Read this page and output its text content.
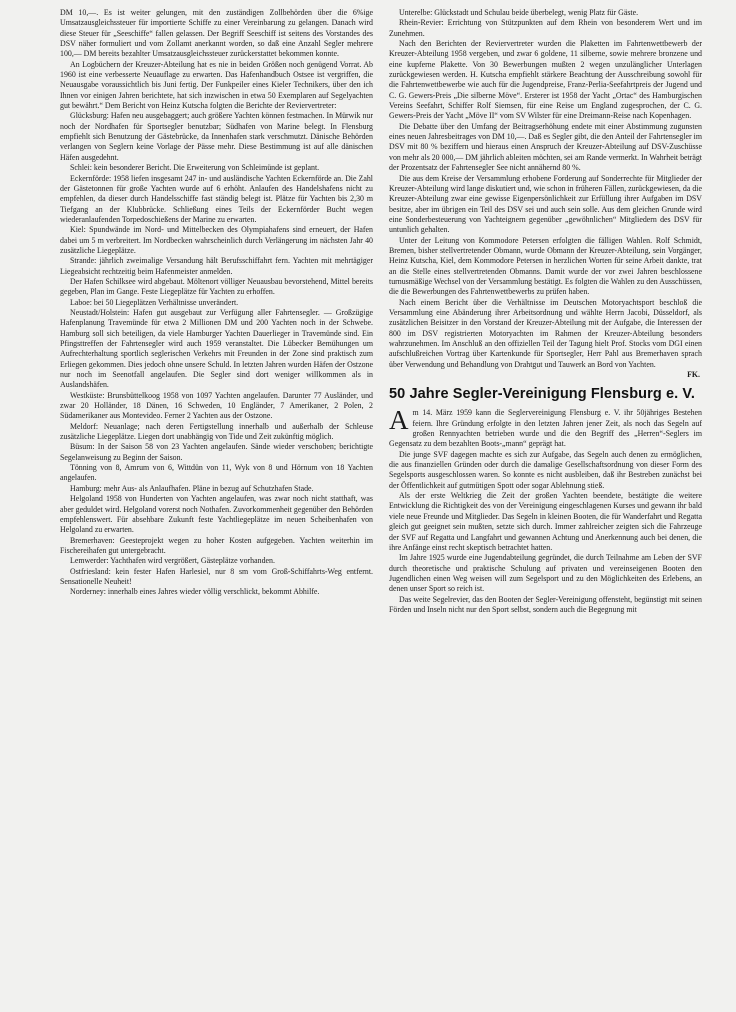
DM 10,—. Es ist weiter gelungen, mit den zuständigen Zollbehörden über die 6%ige Umsatzausgleichssteuer für importierte Schiffe zu einer Vereinbarung zu gelangen. Danach wird diese Steuer für „Seeschiffe“ fallen gelassen. Der Begriff Seeschiff ist seitens des Vorstandes des DSV näher formuliert und vom Zollamt anerkannt worden, so daß eine Anzahl Segler mehrere 100,— DM bereits bezahlter Umsatzausgleichssteuer zurückerstattet bekommen konnte.

An Logbüchern der Kreuzer-Abteilung hat es nie in beiden Größen noch genügend Vorrat. Ab 1960 ist eine verbesserte Neuauflage zu erwarten. Das Hafenhandbuch Ostsee ist vergriffen, die Neuausgabe voraussichtlich bis Juni fertig. Der Funkpeiler eines Kieler Technikers, über den ich Ihnen vor einigen Jahren berichtete, hat sich inzwischen in etwa 50 Exemplaren auf Segelyachten gut bewährt.“ Dem Bericht von Heinz Kutscha folgten die Berichte der Reviervertreter:

Glücksburg: Hafen neu ausgebaggert; auch größere Yachten können festmachen. In Mürwik nur noch der Nordhafen für Sportsegler benutzbar; Südhafen von Marine belegt. In Flensburg empfiehlt sich Benutzung der Gästebrücke, da Innenhafen stark verschmutzt. Dänische Behörden verlangen von Seglern keine Vorlage der Pässe mehr. Diese Bestimmung ist auf alle dänischen Häfen ausgedehnt.

Schlei: kein besonderer Bericht. Die Erweiterung von Schleimünde ist geplant.

Eckernförde: 1958 liefen insgesamt 247 in- und ausländische Yachten Eckernförde an. Die Zahl der Gästetonnen für große Yachten wurde auf 6 erhöht. Anlaufen des Handelshafens nicht zu empfehlen, da dieser durch Handelsschiffe fast ständig belegt ist. Plätze für Yachten bis 2,30 m Tiefgang an der Klubbrücke. Schließung eines Teils der Eckernförder Bucht wegen wiederanlaufenden Torpedoschießens der Marine zu erwarten.

Kiel: Spundwände im Nord- und Mittelbecken des Olympiahafens sind erneuert, der Hafen dabei um 5 m verbreitert. Im Nordbecken wahrscheinlich durch Verlängerung im nächsten Jahr 40 zusätzliche Liegeplätze.

Strande: jährlich zweimalige Versandung hält Berufsschiffahrt fern. Yachten mit mehrtägiger Liegeabsicht rechtzeitig beim Hafenmeister anmelden.

Der Hafen Schilksee wird abgebaut. Möltenort völliger Neuausbau bevorstehend, Mittel bereits gegeben, Plan im Gange. Feste Liegeplätze für Yachten zu erhoffen.

Laboe: bei 50 Liegeplätzen Verhältnisse unverändert.

Neustadt/Holstein: Hafen gut ausgebaut zur Verfügung aller Fahrtensegler. — Großzügige Hafenplanung Travemünde für etwa 2 Millionen DM und 200 Yachten noch in der Schwebe. Hamburg soll sich beteiligen, da viele Hamburger Yachten Dauerlieger in Travemünde sind. Ein Pfingsttreffen der Fahrtensegler wird auch 1959 veranstaltet. Die Lübecker Bemühungen um Aufrechterhaltung sportlich seglerischen Verkehrs mit Freunden in der Zone sind praktisch zum Erliegen gekommen. Dies jedoch ohne unsere Schuld. In letzten Jahren wurden Häfen der Ostzone nur noch im Seenotfall angelaufen. Die Segler sind dort weniger willkommen als in Auslandshäfen.

Westküste: Brunsbüttelkoog 1958 von 1097 Yachten angelaufen. Darunter 77 Ausländer, und zwar 20 Holländer, 18 Dänen, 16 Schweden, 10 Engländer, 7 Amerikaner, 2 Polen, 2 Südamerikaner aus Montevideo. Ferner 2 Yachten aus der Ostzone.

Meldorf: Neuanlage; nach deren Fertigstellung innerhalb und außerhalb der Schleuse zusätzliche Liegeplätze. Liegen dort unabhängig von Tide und Zeit zukünftig möglich.

Büsum: In der Saison 58 von 23 Yachten angelaufen. Sände wieder verschoben; berichtigte Segelanweisung zu Beginn der Saison.

Tönning von 8, Amrum von 6, Wittdün von 11, Wyk von 8 und Hörnum von 18 Yachten angelaufen.

Hamburg: mehr Aus- als Anlaufhafen. Pläne in bezug auf Schutzhafen Stade.

Helgoland 1958 von Hunderten von Yachten angelaufen, was zwar noch nicht statthaft, was aber geduldet wird. Helgoland vorerst noch Nothafen. Zuvorkommenheit gegenüber den Behörden empfehlenswert. Für absehbare Zukunft feste Yachtliegeplätze im neuen Scheibenhafen von Helgoland zu erwarten.

Bremerhaven: Geesteprojekt wegen zu hoher Kosten aufgegeben. Yachten weiterhin im Fischereihafen gut untergebracht.

Lemwerder: Yachthafen wird vergrößert, Gästeplätze vorhanden.

Ostfriesland: kein fester Hafen Harlesiel, nur 8 sm vom Groß-Schiffahrts-Weg entfernt. Sensationelle Neuheit!

Norderney: innerhalb eines Jahres wieder völlig verschlickt, bekommt Abhilfe.

Unterelbe: Glückstadt und Schulau beide überbelegt, wenig Platz für Gäste.

Rhein-Revier: Errichtung von Stützpunkten auf dem Rhein von besonderem Wert und im Zunehmen.

Nach den Berichten der Reviervertreter wurden die Plaketten im Fahrtenwettbewerb der Kreuzer-Abteilung 1958 vergeben, und zwar 6 goldene, 11 silberne, sowie mehrere bronzene und eine kupferne Plakette. Von 30 Bewerbungen mußten 2 wegen unzulänglicher Unterlagen zurückgewiesen werden. H. Kutscha empfiehlt stärkere Beachtung der Ausschreibung sowohl für die Fahrtenwettbewerbe wie auch für die Jugendpreise, Franz-Perlia-Seefahrtpreis der Jugend und C. G. Gewers-Preis „Die silberne Möve“. Ersterer ist 1958 der Yacht „Ortac“ des Hamburgischen Vereins Seefahrt, Schiffer Rolf Siemsen, für eine Reise um England zugesprochen, der C. G. Gewers-Preis der Yacht „Möve II“ vom SV Wilster für eine Dreimann-Reise nach Kopenhagen.

Die Debatte über den Umfang der Beitragserhöhung endete mit einer Abstimmung zugunsten eines neuen Jahresbeitrages von DM 10,—. Daß es Segler gibt, die den Anteil der Fahrtensegler im DSV mit 80 % beziffern und hieraus einen Anspruch der Kreuzer-Abteilung auf DSV-Zuschüsse von mehr als 20 000,— DM jährlich ableiten möchten, sei am Rande vermerkt. In Wahrheit beträgt der Prozentsatz der Fahrtensegler See nicht annähernd 80 %.

Die aus dem Kreise der Versammlung erhobene Forderung auf Sonderrechte für Mitglieder der Kreuzer-Abteilung wird lange diskutiert und, wie schon in früheren Fällen, zurückgewiesen, da die Kreuzer-Abteilung zwar eine gewisse Eigenpersönlichkeit zur Erfüllung ihrer Aufgaben im DSV besitze, aber im übrigen ein Teil des DSV sei und auch sein solle. Aus dem gleichen Grunde wird eine Sonderbesteuerung von Yachteignern gegenüber „gewöhnlichen“ Mitgliedern des DSV für untunlich gehalten.

Unter der Leitung von Kommodore Petersen erfolgten die fälligen Wahlen. Rolf Schmidt, Bremen, bisher stellvertretender Obmann, wurde Obmann der Kreuzer-Abteilung, sein Vorgänger, Heinz Kutscha, Kiel, dem Kommodore Petersen in herzlichen Worten für seine Arbeit dankte, trat an die Stelle eines stellvertretenden Obmanns. Damit wurde der vor zwei Jahren beschlossene turnusmäßige Wechsel von der Versammlung bestätigt. Es folgten die Wahlen zu den Ausschüssen, die die Bewerbungen des Fahrtenwettbewerbs zu prüfen haben.

Nach einem Bericht über die Verhältnisse im Deutschen Motoryachtsport beschloß die Versammlung eine Abänderung ihrer Arbeitsordnung und wählte Herrn Jacobi, Düsseldorf, als zusätzlichen Beisitzer in den Vorstand der Kreuzer-Abteilung mit der Aufgabe, die Interessen der 800 im DSV registrierten Motoryachten im Rahmen der Kreuzer-Abteilung besonders wahrzunehmen. Im Anschluß an den offiziellen Teil der Tagung hielt Prof. Stocks vom DGI einen aufschlußreichen Vortrag über Kartenkunde für Sportsegler, Herr Pahl aus Bremerhaven sprach über Verwendung und Behandlung von Drahtgut und Tauwerk an Bord von Yachten.

FK.
50 Jahre Segler-Vereinigung Flensburg e. V.

Am 14. März 1959 kann die Seglervereinigung Flensburg e. V. ihr 50jähriges Bestehen feiern. Ihre Gründung erfolgte in den letzten Jahren jener Zeit, als noch das Segeln auf großen Rennyachten betrieben wurde und die den Begriff des „Herren“-Seglers im Gegensatz zu dem bezahlten Boots-„mann“ geprägt hat.

Die junge SVF dagegen machte es sich zur Aufgabe, das Segeln auch denen zu ermöglichen, die aus finanziellen Gründen oder durch die damalige Gesellschaftsordnung von dieser Form des Segelsports ausgeschlossen waren. So konnte es nicht ausbleiben, daß ihr Bestreben zunächst bei der Öffentlichkeit auf gutmütigen Spott oder sogar Ablehnung stieß.

Als der erste Weltkrieg die Zeit der großen Yachten beendete, bestätigte die weitere Entwicklung die Richtigkeit des von der Vereinigung eingeschlagenen Kurses und gewann ihr bald viele neue Freunde und Mitglieder. Das Segeln in kleinen Booten, die für Wanderfahrt und Regatta gleich gut geeignet sein mußten, setzte sich durch. Immer zahlreicher zeigten sich die Fahrzeuge der SVF auf Regatta und Langfahrt und gewannen Achtung und Anerkennung auch bei denen, die ihre Anfänge einst recht skeptisch betrachtet hatten.

Im Jahre 1925 wurde eine Jugendabteilung gegründet, die durch Teilnahme am Leben der SVF durch theoretische und praktische Schulung auf privaten und vereinseigenen Booten den Jugendlichen einen Weg weisen will zum Segelsport und zu den Möglichkeiten des Erlebens, an denen unser Sport so reich ist.

Das weite Segelrevier, das den Booten der Segler-Vereinigung offensteht, begünstigt mit seinen Förden und Inseln nicht nur den Sport selbst, sondern auch die Begegnung mit
